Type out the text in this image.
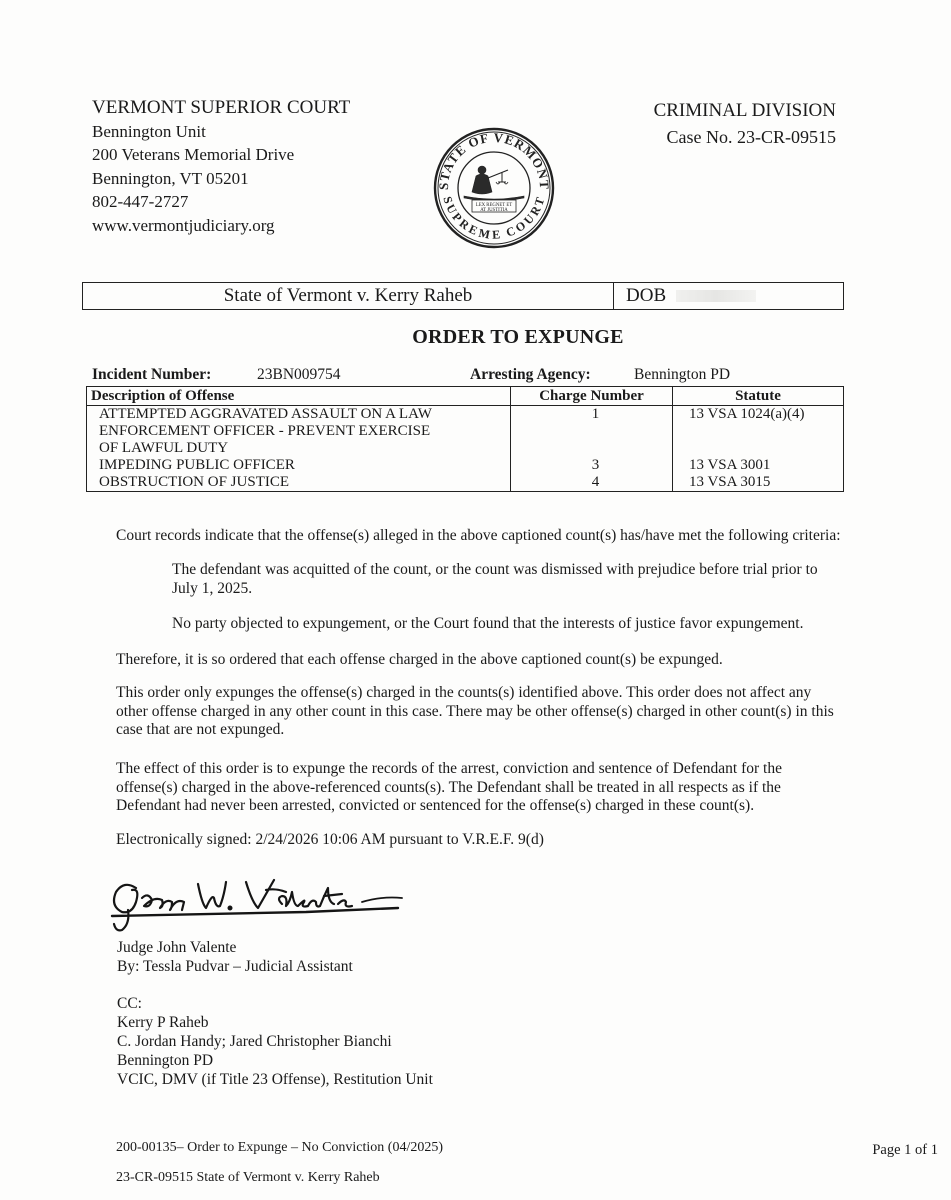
VERMONT SUPERIOR COURT
Bennington Unit
200 Veterans Memorial Drive
Bennington, VT 05201
802-447-2727
www.vermontjudiciary.org
STATE OF VERMONT
SUPREME COURT
LEX REGNET ET
AT JUSTITIA
CRIMINAL DIVISION
Case No. 23-CR-09515
State of Vermont v. Kerry Raheb	DOB
ORDER TO EXPUNGE
Incident Number:	23BN009754	Arresting Agency:	Bennington PD
Description of Offense	Charge Number	Statute

ATTEMPTED AGGRAVATED ASSAULT ON A LAW
ENFORCEMENT OFFICER - PREVENT EXERCISE
OF LAWFUL DUTY	1	13 VSA 1024(a)(4)
IMPEDING PUBLIC OFFICER	3	13 VSA 3001
OBSTRUCTION OF JUSTICE	4	13 VSA 3015
Court records indicate that the offense(s) alleged in the above captioned count(s) has/have met the following criteria:
The defendant was acquitted of the count, or the count was dismissed with prejudice before trial prior to
July 1, 2025.
No party objected to expungement, or the Court found that the interests of justice favor expungement.
Therefore, it is so ordered that each offense charged in the above captioned count(s) be expunged.
This order only expunges the offense(s) charged in the counts(s) identified above. This order does not affect any
other offense charged in any other count in this case. There may be other offense(s) charged in other count(s) in this
case that are not expunged.
The effect of this order is to expunge the records of the arrest, conviction and sentence of Defendant for the
offense(s) charged in the above-referenced counts(s). The Defendant shall be treated in all respects as if the
Defendant had never been arrested, convicted or sentenced for the offense(s) charged in these count(s).
Electronically signed: 2/24/2026 10:06 AM pursuant to V.R.E.F. 9(d)
Judge John Valente
By: Tessla Pudvar – Judicial Assistant
CC:
Kerry P Raheb
C. Jordan Handy; Jared Christopher Bianchi
Bennington PD
VCIC, DMV (if Title 23 Offense), Restitution Unit
200-00135– Order to Expunge – No Conviction (04/2025)
23-CR-09515 State of Vermont v. Kerry Raheb
Page 1 of 1
